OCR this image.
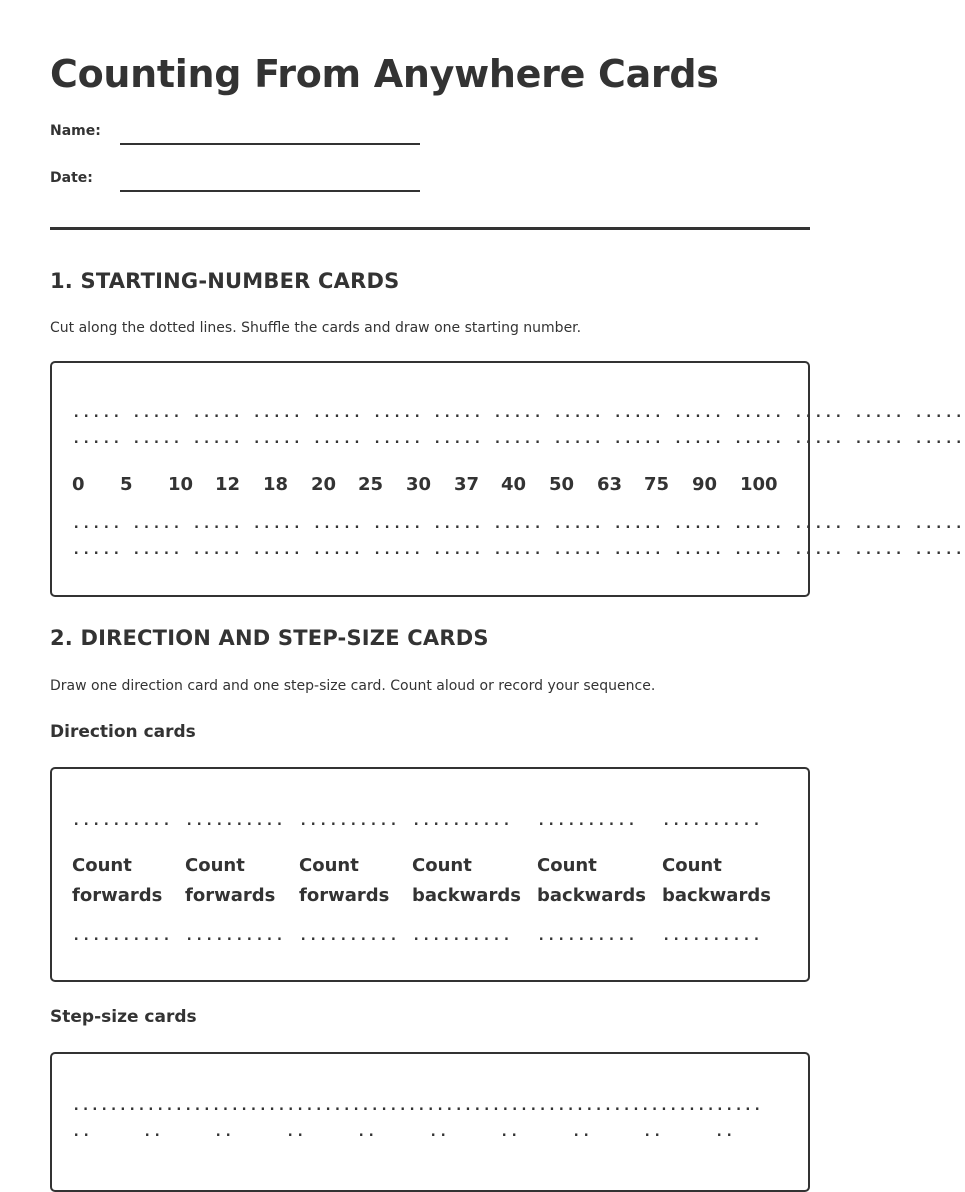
Counting From Anywhere Cards
Name:
Date:
1. STARTING-NUMBER CARDS
Cut along the dotted lines. Shuffle the cards and draw one starting number.
..... ..... ..... ..... ..... ..... ..... ..... ..... ..... ..... ..... ..... ..... .....
..... ..... ..... ..... ..... ..... ..... ..... ..... ..... ..... ..... ..... ..... .....
0 5 10 12 18 20 25 30 37 40 50 63 75 90 100
..... ..... ..... ..... ..... ..... ..... ..... ..... ..... ..... ..... ..... ..... .....
..... ..... ..... ..... ..... ..... ..... ..... ..... ..... ..... ..... ..... ..... .....
2. DIRECTION AND STEP-SIZE CARDS
Draw one direction card and one step-size card. Count aloud or record your sequence.
Direction cards
..........
Count
forwards
..........
..........
Count
forwards
..........
..........
Count
forwards
..........
..........
Count
backwards
..........
..........
Count
backwards
..........
..........
Count
backwards
..........
Step-size cards
..........................................................................
..	..	..	..	..	..	..	..	..	..
